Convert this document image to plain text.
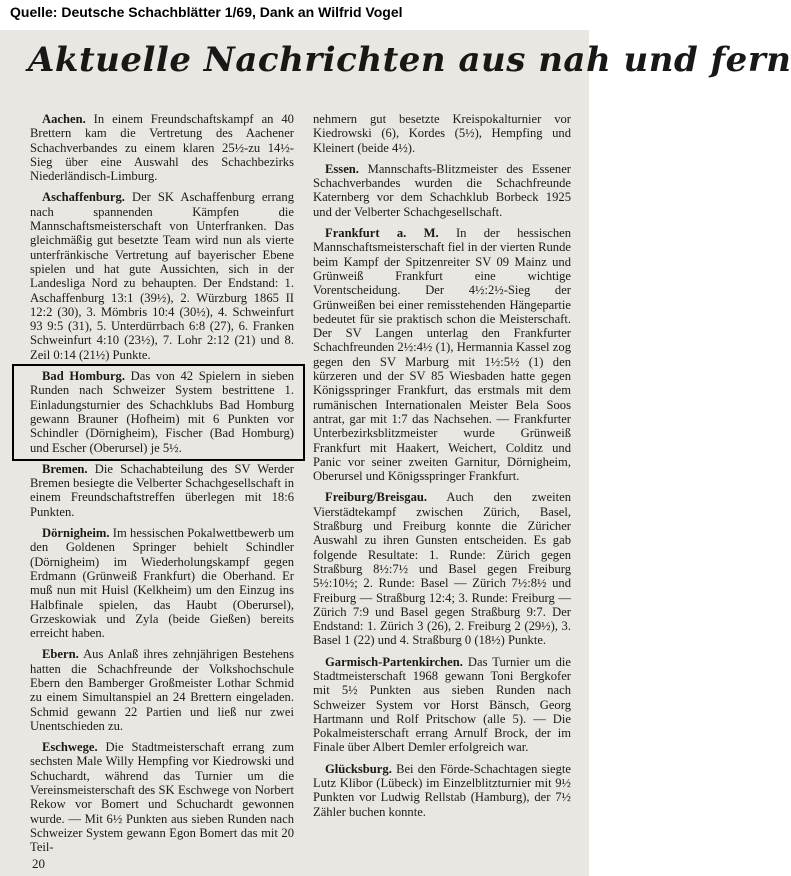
Quelle: Deutsche Schachblätter 1/69, Dank an Wilfrid Vogel
Aktuelle Nachrichten aus nah und fern

Aachen. In einem Freundschaftskampf an 40 Brettern kam die Vertretung des Aachener Schachverbandes zu einem klaren 25½-zu 14½-Sieg über eine Auswahl des Schachbezirks Niederländisch-Limburg.

Aschaffenburg. Der SK Aschaffenburg errang nach spannenden Kämpfen die Mannschaftsmeisterschaft von Unterfranken. Das gleichmäßig gut besetzte Team wird nun als vierte unterfränkische Vertretung auf bayerischer Ebene spielen und hat gute Aussichten, sich in der Landesliga Nord zu behaupten. Der Endstand: 1. Aschaffenburg 13:1 (39½), 2. Würzburg 1865 II 12:2 (30), 3. Mömbris 10:4 (30½), 4. Schweinfurt 93 9:5 (31), 5. Unterdürrbach 6:8 (27), 6. Franken Schweinfurt 4:10 (23½), 7. Lohr 2:12 (21) und 8. Zeil 0:14 (21½) Punkte.

Bad Homburg. Das von 42 Spielern in sieben Runden nach Schweizer System bestrittene 1. Einladungsturnier des Schachklubs Bad Homburg gewann Brauner (Hofheim) mit 6 Punkten vor Schindler (Dörnigheim), Fischer (Bad Homburg) und Escher (Oberursel) je 5½.

Bremen. Die Schachabteilung des SV Werder Bremen besiegte die Velberter Schachgesellschaft in einem Freundschaftstreffen überlegen mit 18:6 Punkten.

Dörnigheim. Im hessischen Pokalwettbewerb um den Goldenen Springer behielt Schindler (Dörnigheim) im Wiederholungskampf gegen Erdmann (Grünweiß Frankfurt) die Oberhand. Er muß nun mit Huisl (Kelkheim) um den Einzug ins Halbfinale spielen, das Haubt (Oberursel), Grzeskowiak und Zyla (beide Gießen) bereits erreicht haben.

Ebern. Aus Anlaß ihres zehnjährigen Bestehens hatten die Schachfreunde der Volkshochschule Ebern den Bamberger Großmeister Lothar Schmid zu einem Simultanspiel an 24 Brettern eingeladen. Schmid gewann 22 Partien und ließ nur zwei Unentschieden zu.

Eschwege. Die Stadtmeisterschaft errang zum sechsten Male Willy Hempfing vor Kiedrowski und Schuchardt, während das Turnier um die Vereinsmeisterschaft des SK Eschwege von Norbert Rekow vor Bomert und Schuchardt gewonnen wurde. — Mit 6½ Punkten aus sieben Runden nach Schweizer System gewann Egon Bomert das mit 20 Teil-

nehmern gut besetzte Kreispokalturnier vor Kiedrowski (6), Kordes (5½), Hempfing und Kleinert (beide 4½).

Essen. Mannschafts-Blitzmeister des Essener Schachverbandes wurden die Schachfreunde Katernberg vor dem Schachklub Borbeck 1925 und der Velberter Schachgesellschaft.

Frankfurt a. M. In der hessischen Mannschaftsmeisterschaft fiel in der vierten Runde beim Kampf der Spitzenreiter SV 09 Mainz und Grünweiß Frankfurt eine wichtige Vorentscheidung. Der 4½:2½-Sieg der Grünweißen bei einer remisstehenden Hängepartie bedeutet für sie praktisch schon die Meisterschaft. Der SV Langen unterlag den Frankfurter Schachfreunden 2½:4½ (1), Hermannia Kassel zog gegen den SV Marburg mit 1½:5½ (1) den kürzeren und der SV 85 Wiesbaden hatte gegen Königsspringer Frankfurt, das erstmals mit dem rumänischen Internationalen Meister Bela Soos antrat, gar mit 1:7 das Nachsehen. — Frankfurter Unterbezirksblitzmeister wurde Grünweiß Frankfurt mit Haakert, Weichert, Colditz und Panic vor seiner zweiten Garnitur, Dörnigheim, Oberursel und Königsspringer Frankfurt.

Freiburg/Breisgau. Auch den zweiten Vierstädtekampf zwischen Zürich, Basel, Straßburg und Freiburg konnte die Züricher Auswahl zu ihren Gunsten entscheiden. Es gab folgende Resultate: 1. Runde: Zürich gegen Straßburg 8½:7½ und Basel gegen Freiburg 5½:10½; 2. Runde: Basel — Zürich 7½:8½ und Freiburg — Straßburg 12:4; 3. Runde: Freiburg — Zürich 7:9 und Basel gegen Straßburg 9:7. Der Endstand: 1. Zürich 3 (26), 2. Freiburg 2 (29½), 3. Basel 1 (22) und 4. Straßburg 0 (18½) Punkte.

Garmisch-Partenkirchen. Das Turnier um die Stadtmeisterschaft 1968 gewann Toni Bergkofer mit 5½ Punkten aus sieben Runden nach Schweizer System vor Horst Bänsch, Georg Hartmann und Rolf Pritschow (alle 5). — Die Pokalmeisterschaft errang Arnulf Brock, der im Finale über Albert Demler erfolgreich war.

Glücksburg. Bei den Förde-Schachtagen siegte Lutz Klibor (Lübeck) im Einzelblitzturnier mit 9½ Punkten vor Ludwig Rellstab (Hamburg), der 7½ Zähler buchen konnte.

20
